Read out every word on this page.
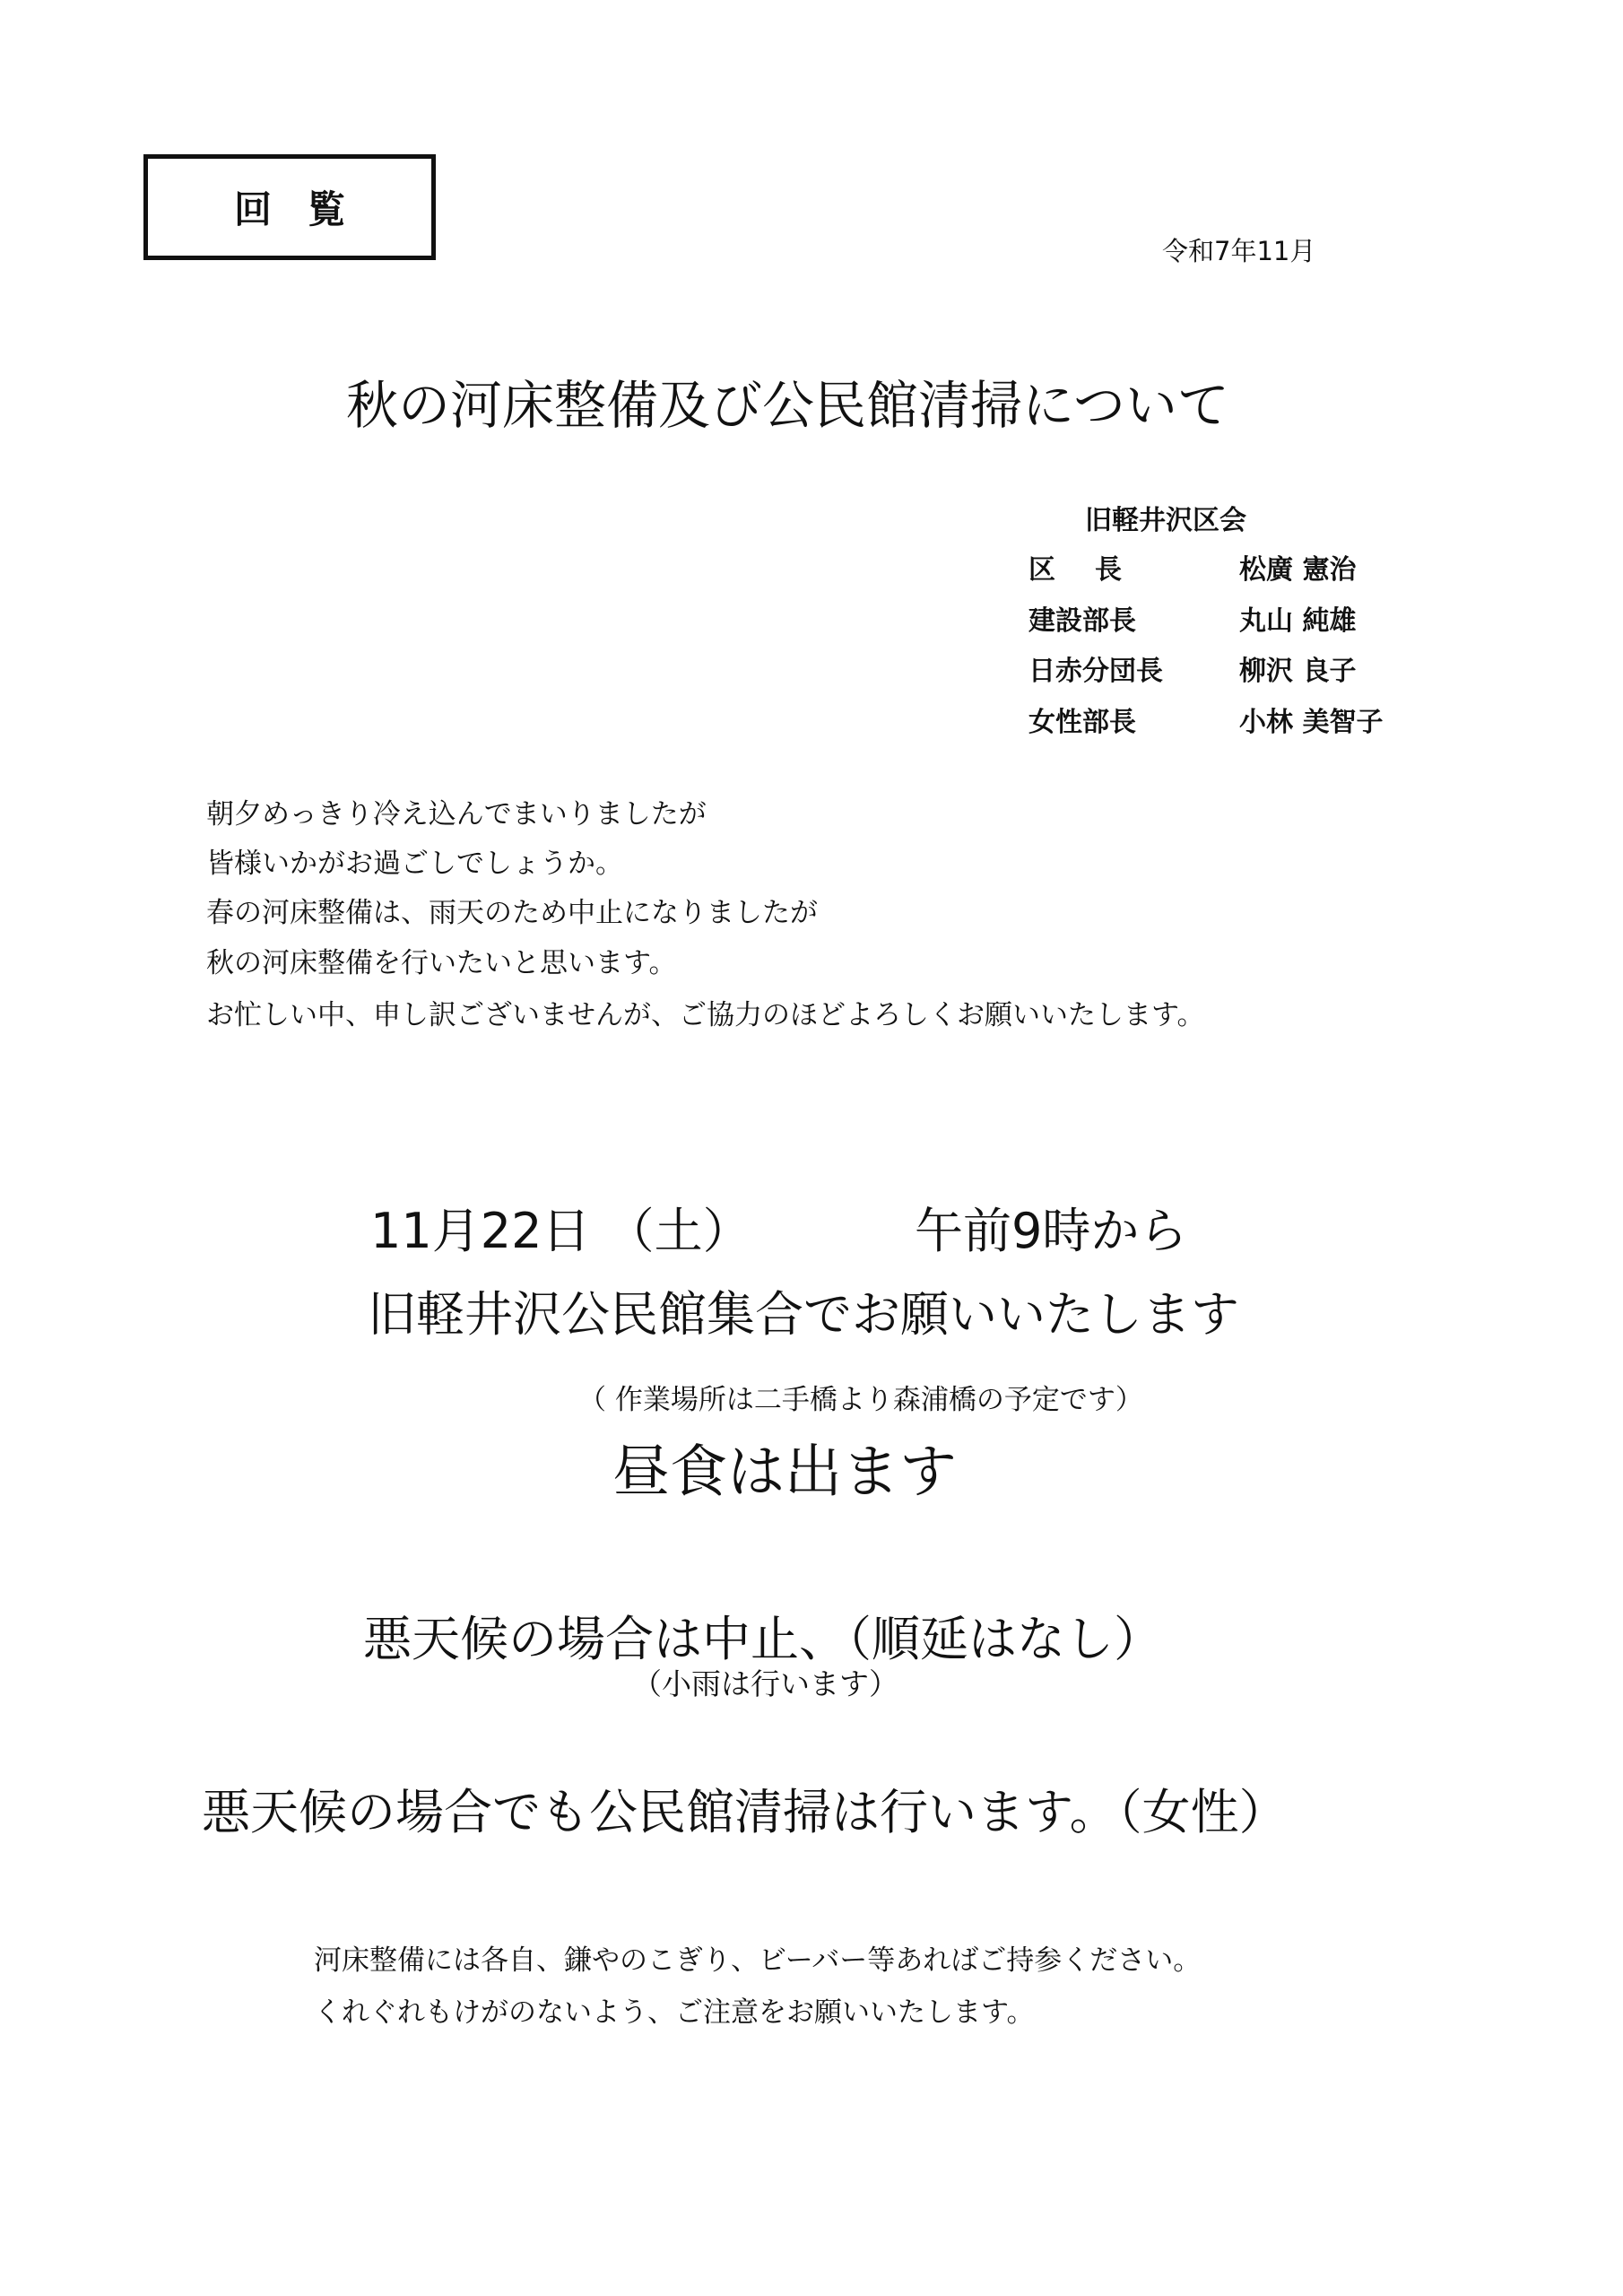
回覧
令和7年11月
秋の河床整備及び公民館清掃について
旧軽井沢区会
区長	松廣 憲治
建設部長	丸山 純雄
日赤分団長	柳沢 良子
女性部長	小林 美智子
朝夕めっきり冷え込んでまいりましたが
皆様いかがお過ごしでしょうか。
春の河床整備は、雨天のため中止になりましたが
秋の河床整備を行いたいと思います。
お忙しい中、申し訳ございませんが、ご協力のほどよろしくお願いいたします。
11月22日 （土）	午前9時から
旧軽井沢公民館集合でお願いいたします
（ 作業場所は二手橋より森浦橋の予定です）
昼食は出ます
悪天候の場合は中止、（順延はなし）
（小雨は行います）
悪天候の場合でも公民館清掃は行います。（女性）
河床整備には各自、鎌やのこぎり、ビーバー等あればご持参ください。
くれぐれもけがのないよう、ご注意をお願いいたします。
